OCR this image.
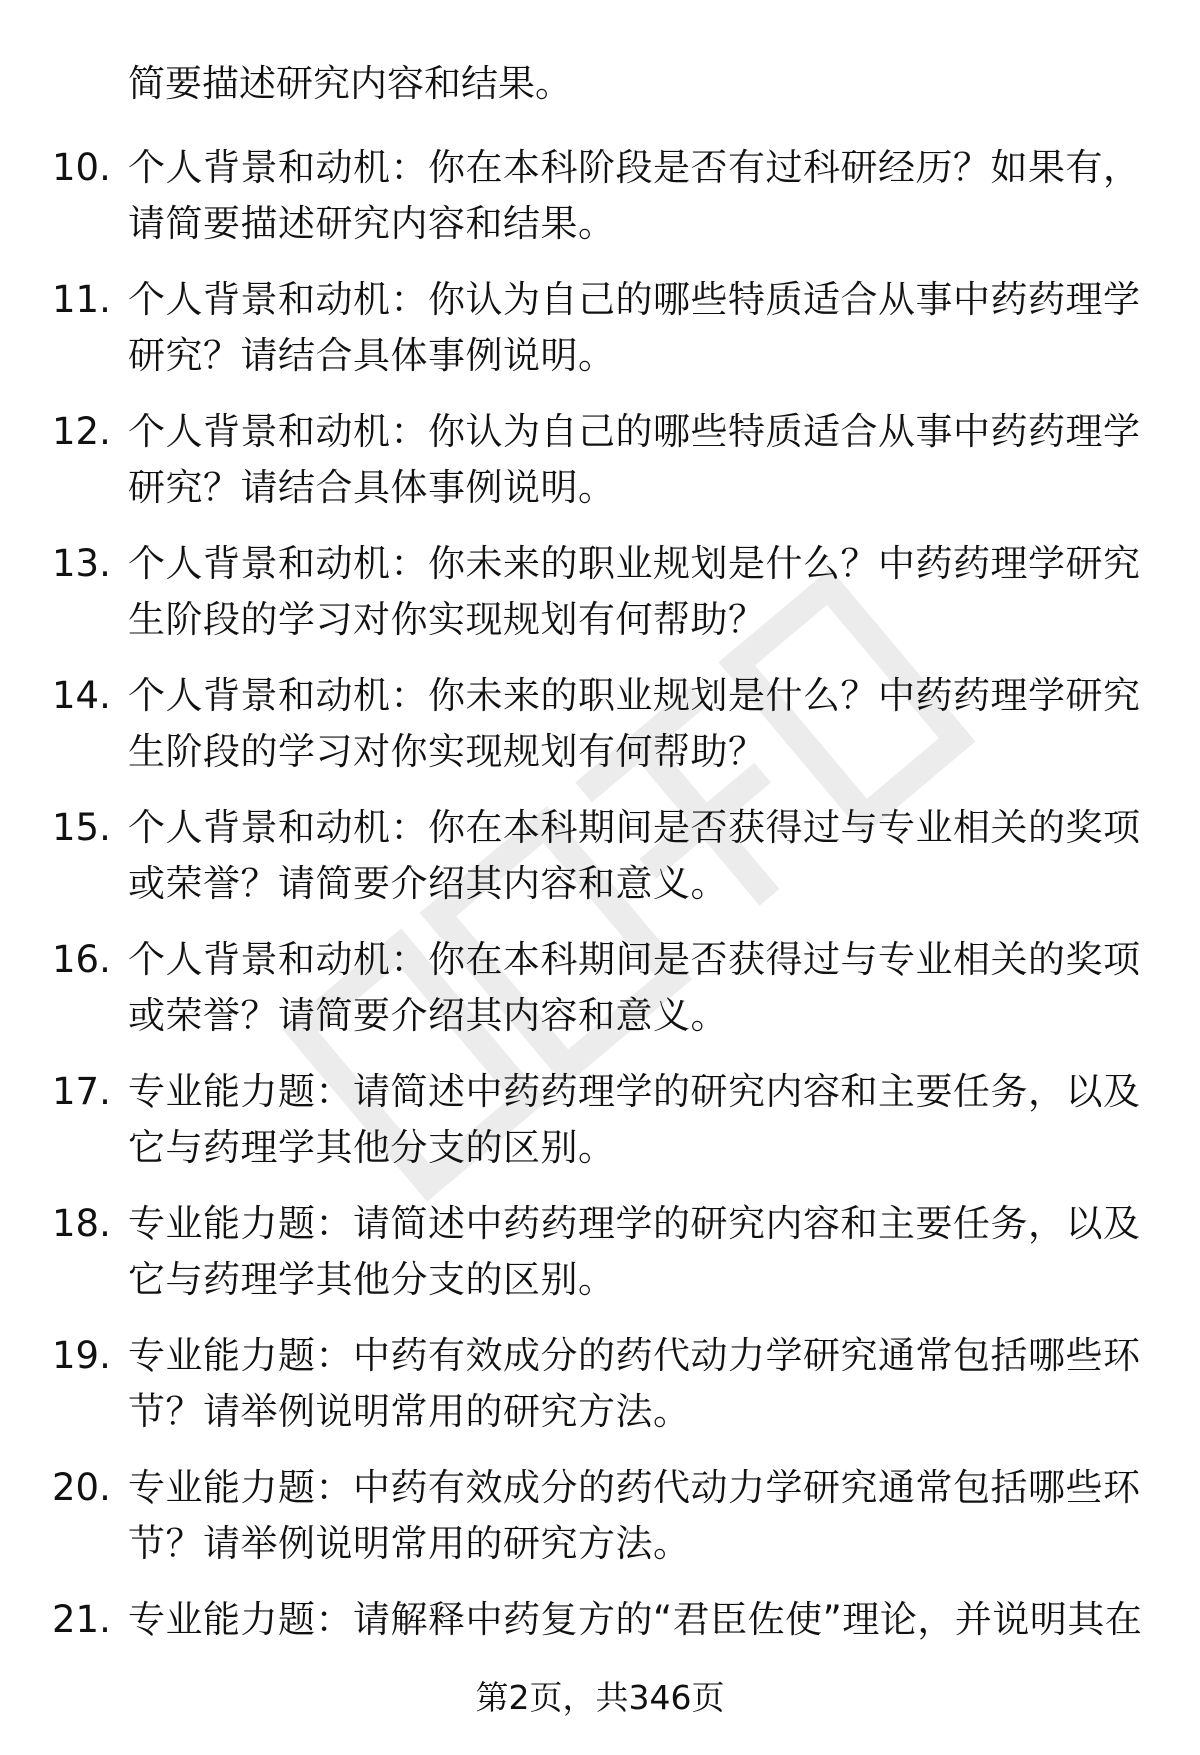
简要描述研究内容和结果。
10. 个人背景和动机：你在本科阶段是否有过科研经历？如果有，请简要描述研究内容和结果。
11. 个人背景和动机：你认为自己的哪些特质适合从事中药药理学研究？请结合具体事例说明。
12. 个人背景和动机：你认为自己的哪些特质适合从事中药药理学研究？请结合具体事例说明。
13. 个人背景和动机：你未来的职业规划是什么？中药药理学研究生阶段的学习对你实现规划有何帮助？
14. 个人背景和动机：你未来的职业规划是什么？中药药理学研究生阶段的学习对你实现规划有何帮助？
15. 个人背景和动机：你在本科期间是否获得过与专业相关的奖项或荣誉？请简要介绍其内容和意义。
16. 个人背景和动机：你在本科期间是否获得过与专业相关的奖项或荣誉？请简要介绍其内容和意义。
17. 专业能力题：请简述中药药理学的研究内容和主要任务，以及它与药理学其他分支的区别。
18. 专业能力题：请简述中药药理学的研究内容和主要任务，以及它与药理学其他分支的区别。
19. 专业能力题：中药有效成分的药代动力学研究通常包括哪些环节？请举例说明常用的研究方法。
20. 专业能力题：中药有效成分的药代动力学研究通常包括哪些环节？请举例说明常用的研究方法。
21. 专业能力题：请解释中药复方的“君臣佐使”理论，并说明其在
第2页，共346页
